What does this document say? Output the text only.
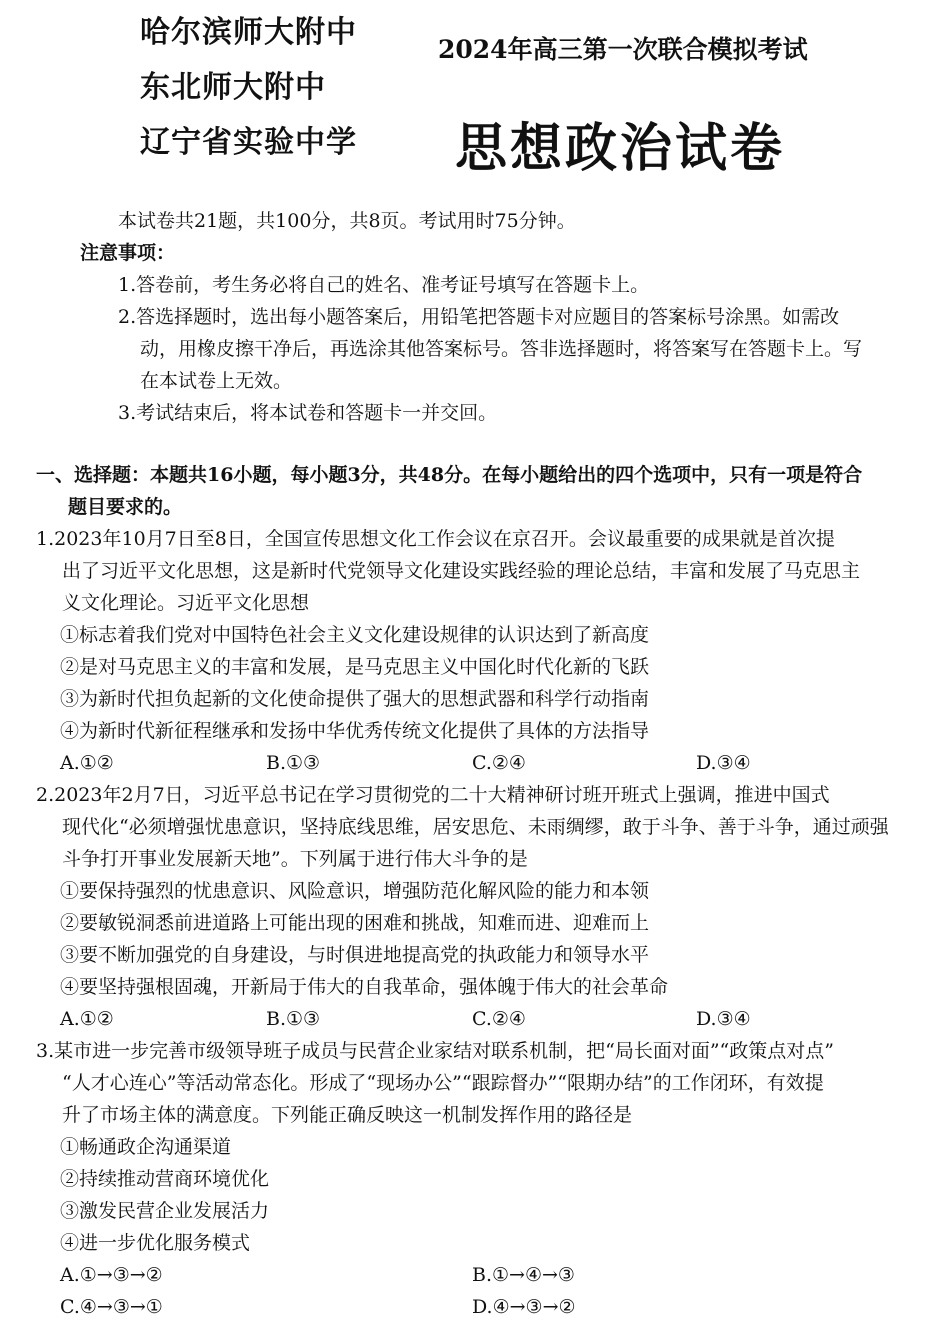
哈尔滨师大附中
东北师大附中
辽宁省实验中学
2024年高三第一次联合模拟考试
思想政治试卷
本试卷共21题，共100分，共8页。考试用时75分钟。
注意事项：
1.答卷前，考生务必将自己的姓名、准考证号填写在答题卡上。
2.答选择题时，选出每小题答案后，用铅笔把答题卡对应题目的答案标号涂黑。如需改
动，用橡皮擦干净后，再选涂其他答案标号。答非选择题时，将答案写在答题卡上。写
在本试卷上无效。
3.考试结束后，将本试卷和答题卡一并交回。
一、选择题：本题共16小题，每小题3分，共48分。在每小题给出的四个选项中，只有一项是符合
题目要求的。
1.2023年10月7日至8日，全国宣传思想文化工作会议在京召开。会议最重要的成果就是首次提
出了习近平文化思想，这是新时代党领导文化建设实践经验的理论总结，丰富和发展了马克思主
义文化理论。习近平文化思想
①标志着我们党对中国特色社会主义文化建设规律的认识达到了新高度
②是对马克思主义的丰富和发展，是马克思主义中国化时代化新的飞跃
③为新时代担负起新的文化使命提供了强大的思想武器和科学行动指南
④为新时代新征程继承和发扬中华优秀传统文化提供了具体的方法指导
A.①②	B.①③	C.②④	D.③④
2.2023年2月7日，习近平总书记在学习贯彻党的二十大精神研讨班开班式上强调，推进中国式
现代化“必须增强忧患意识，坚持底线思维，居安思危、未雨绸缪，敢于斗争、善于斗争，通过顽强
斗争打开事业发展新天地”。下列属于进行伟大斗争的是
①要保持强烈的忧患意识、风险意识，增强防范化解风险的能力和本领
②要敏锐洞悉前进道路上可能出现的困难和挑战，知难而进、迎难而上
③要不断加强党的自身建设，与时俱进地提高党的执政能力和领导水平
④要坚持强根固魂，开新局于伟大的自我革命，强体魄于伟大的社会革命
A.①②	B.①③	C.②④	D.③④
3.某市进一步完善市级领导班子成员与民营企业家结对联系机制，把“局长面对面”“政策点对点”
“人才心连心”等活动常态化。形成了“现场办公”“跟踪督办”“限期办结”的工作闭环，有效提
升了市场主体的满意度。下列能正确反映这一机制发挥作用的路径是
①畅通政企沟通渠道
②持续推动营商环境优化
③激发民营企业发展活力
④进一步优化服务模式
A.①→③→②	B.①→④→③
C.④→③→①	D.④→③→②
